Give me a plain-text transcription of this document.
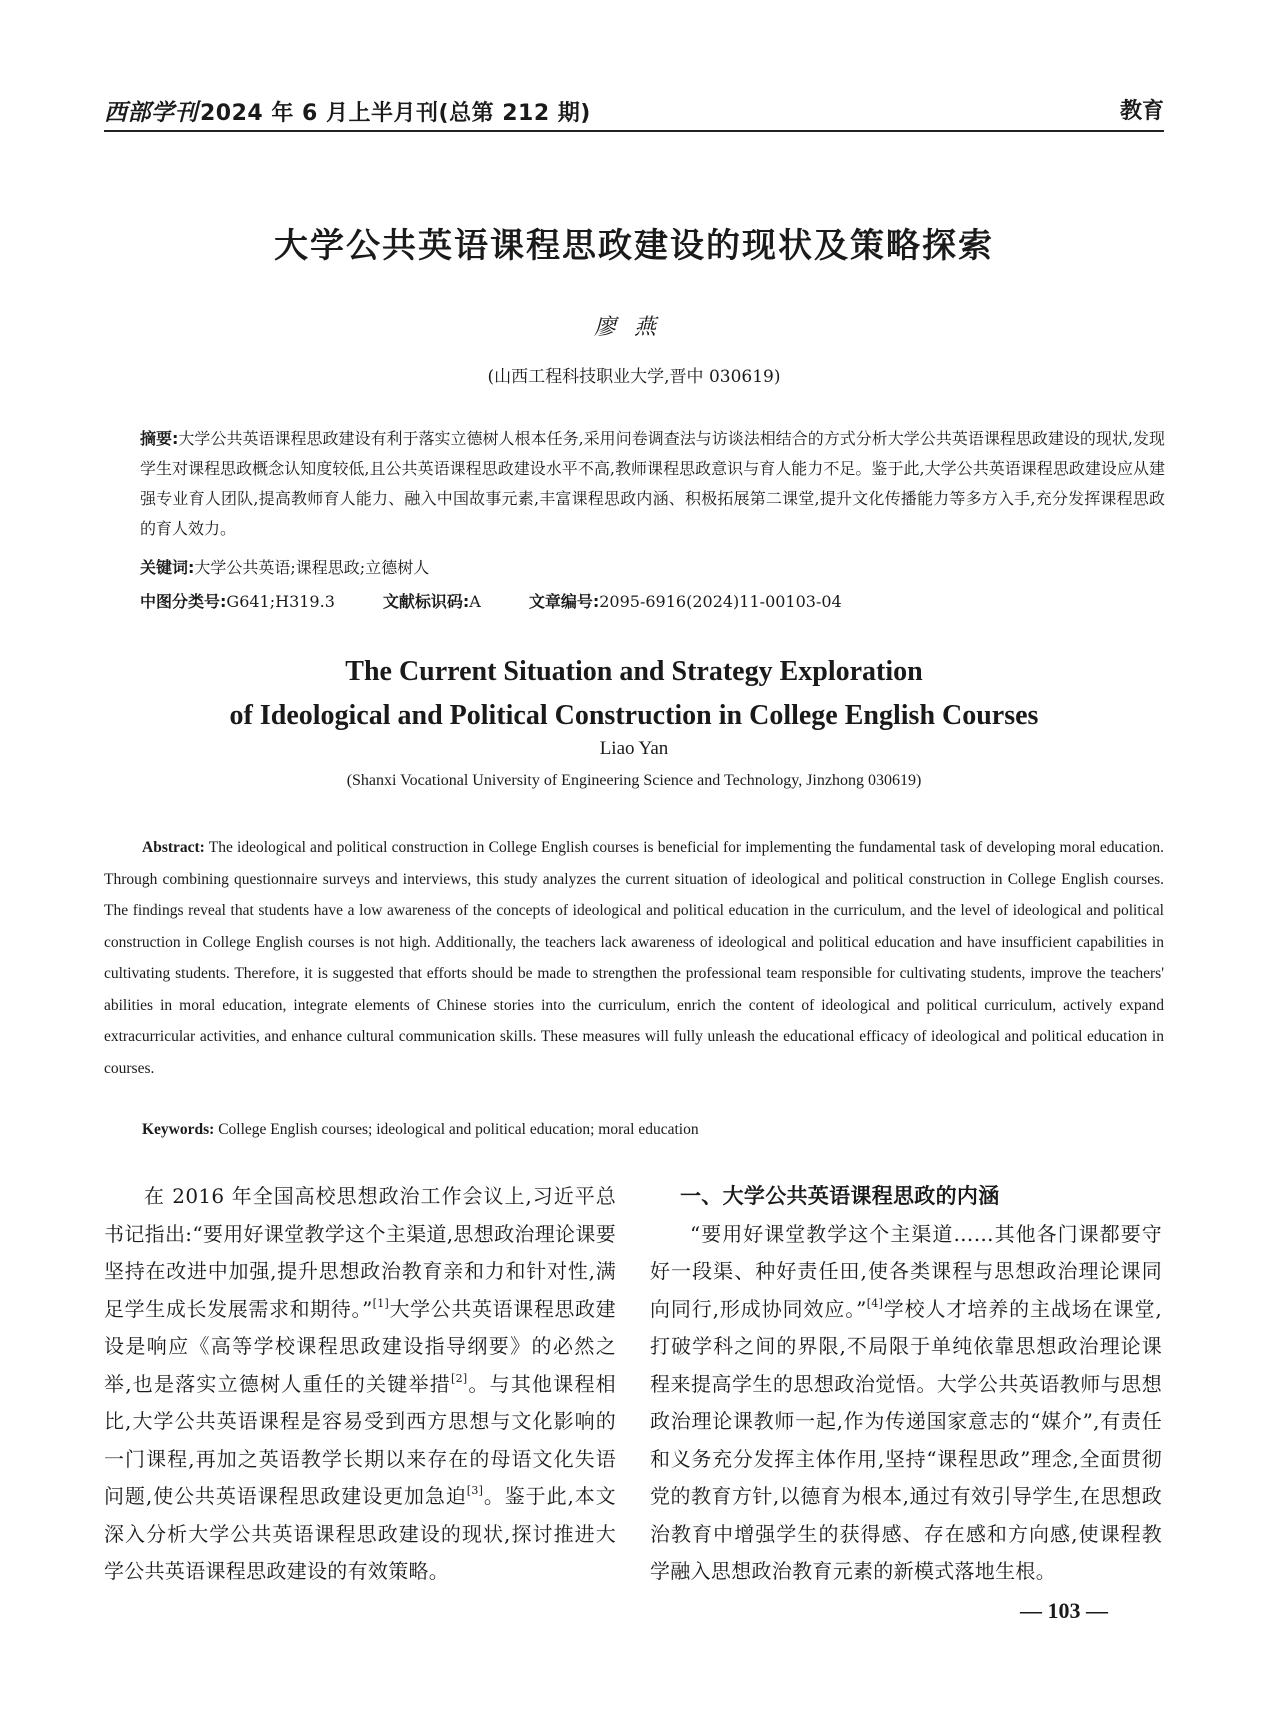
西部学刊2024 年 6 月上半月刊(总第 212 期)	教育
大学公共英语课程思政建设的现状及策略探索
廖燕
(山西工程科技职业大学,晋中 030619)
摘要:大学公共英语课程思政建设有利于落实立德树人根本任务,采用问卷调查法与访谈法相结合的方式分析大学公共英语课程思政建设的现状,发现学生对课程思政概念认知度较低,且公共英语课程思政建设水平不高,教师课程思政意识与育人能力不足。鉴于此,大学公共英语课程思政建设应从建强专业育人团队,提高教师育人能力、融入中国故事元素,丰富课程思政内涵、积极拓展第二课堂,提升文化传播能力等多方入手,充分发挥课程思政的育人效力。
关键词:大学公共英语;课程思政;立德树人
中图分类号:G641;H319.3	文献标识码:A	文章编号:2095-6916(2024)11-00103-04
The Current Situation and Strategy Exploration
of Ideological and Political Construction in College English Courses
Liao Yan
(Shanxi Vocational University of Engineering Science and Technology, Jinzhong 030619)
Abstract: The ideological and political construction in College English courses is beneficial for implementing the fundamental task of developing moral education. Through combining questionnaire surveys and interviews, this study analyzes the current situation of ideological and political construction in College English courses. The findings reveal that students have a low awareness of the concepts of ideological and political education in the curriculum, and the level of ideological and political construction in College English courses is not high. Additionally, the teachers lack awareness of ideological and political education and have insufficient capabilities in cultivating students. Therefore, it is suggested that efforts should be made to strengthen the professional team responsible for cultivating students, improve the teachers' abilities in moral education, integrate elements of Chinese stories into the curriculum, enrich the content of ideological and political curriculum, actively expand extracurricular activities, and enhance cultural communication skills. These measures will fully unleash the educational efficacy of ideological and political education in courses.
Keywords: College English courses; ideological and political education; moral education
在 2016 年全国高校思想政治工作会议上,习近平总书记指出:“要用好课堂教学这个主渠道,思想政治理论课要坚持在改进中加强,提升思想政治教育亲和力和针对性,满足学生成长发展需求和期待。”[1]大学公共英语课程思政建设是响应《高等学校课程思政建设指导纲要》的必然之举,也是落实立德树人重任的关键举措[2]。与其他课程相比,大学公共英语课程是容易受到西方思想与文化影响的一门课程,再加之英语教学长期以来存在的母语文化失语问题,使公共英语课程思政建设更加急迫[3]。鉴于此,本文深入分析大学公共英语课程思政建设的现状,探讨推进大学公共英语课程思政建设的有效策略。
一、大学公共英语课程思政的内涵
“要用好课堂教学这个主渠道……其他各门课都要守好一段渠、种好责任田,使各类课程与思想政治理论课同向同行,形成协同效应。”[4]学校人才培养的主战场在课堂,打破学科之间的界限,不局限于单纯依靠思想政治理论课程来提高学生的思想政治觉悟。大学公共英语教师与思想政治理论课教师一起,作为传递国家意志的“媒介”,有责任和义务充分发挥主体作用,坚持“课程思政”理念,全面贯彻党的教育方针,以德育为根本,通过有效引导学生,在思想政治教育中增强学生的获得感、存在感和方向感,使课程教学融入思想政治教育元素的新模式落地生根。
— 103 —
